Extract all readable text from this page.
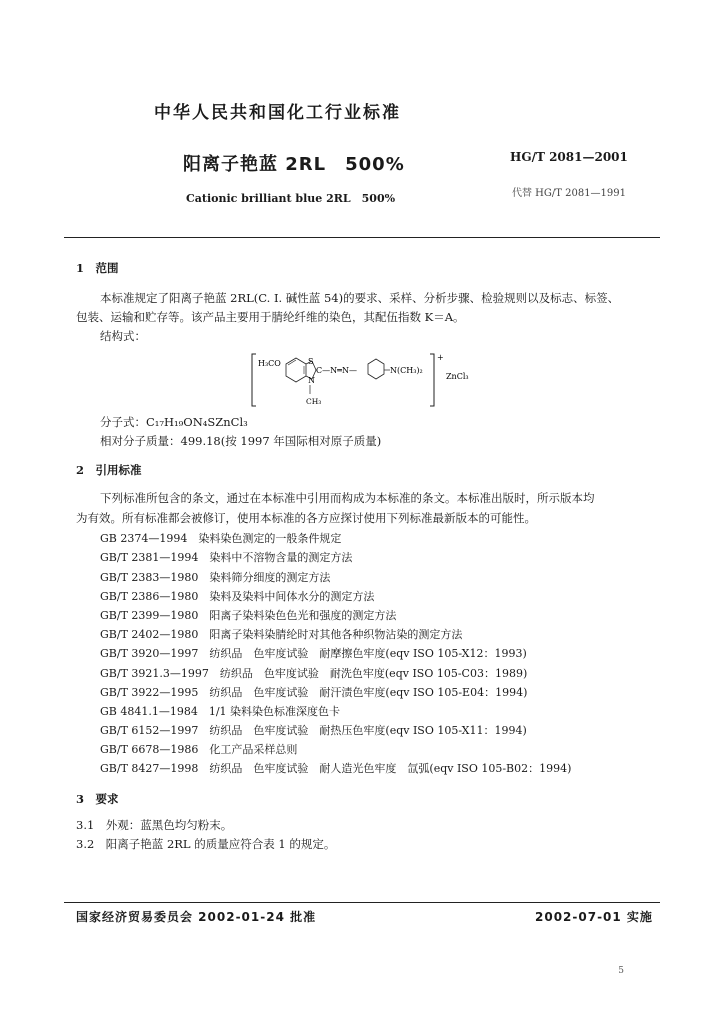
中华人民共和国化工行业标准
阳离子艳蓝 2RL　500%	HG/T 2081—2001
Cationic brilliant blue 2RL　500%	代替 HG/T 2081—1991
1　范围
本标准规定了阳离子艳蓝 2RL(C. I. 碱性蓝 54)的要求、采样、分析步骤、检验规则以及标志、标签、
包装、运输和贮存等。该产品主要用于腈纶纤维的染色，其配伍指数 K＝A。
结构式：
H₃CO	S
C—N═N—
N
CH₃
N(CH₃)₂
+
ZnCl₃
分子式：C₁₇H₁₉ON₄SZnCl₃
相对分子质量：499.18(按 1997 年国际相对原子质量)
2　引用标准
下列标准所包含的条文，通过在本标准中引用而构成为本标准的条文。本标准出版时，所示版本均
为有效。所有标准都会被修订，使用本标准的各方应探讨使用下列标准最新版本的可能性。
GB 2374—1994　染料染色测定的一般条件规定
GB/T 2381—1994　染料中不溶物含量的测定方法
GB/T 2383—1980　染料筛分细度的测定方法
GB/T 2386—1980　染料及染料中间体水分的测定方法
GB/T 2399—1980　阳离子染料染色色光和强度的测定方法
GB/T 2402—1980　阳离子染料染腈纶时对其他各种织物沾染的测定方法
GB/T 3920—1997　纺织品　色牢度试验　耐摩擦色牢度(eqv ISO 105-X12：1993)
GB/T 3921.3—1997　纺织品　色牢度试验　耐洗色牢度(eqv ISO 105-C03：1989)
GB/T 3922—1995　纺织品　色牢度试验　耐汗渍色牢度(eqv ISO 105-E04：1994)
GB 4841.1—1984　1/1 染料染色标准深度色卡
GB/T 6152—1997　纺织品　色牢度试验　耐热压色牢度(eqv ISO 105-X11：1994)
GB/T 6678—1986　化工产品采样总则
GB/T 8427—1998　纺织品　色牢度试验　耐人造光色牢度　氙弧(eqv ISO 105-B02：1994)
3　要求
3.1　外观：蓝黑色均匀粉末。
3.2　阳离子艳蓝 2RL 的质量应符合表 1 的规定。
国家经济贸易委员会 2002-01-24 批准	2002-07-01 实施
5
